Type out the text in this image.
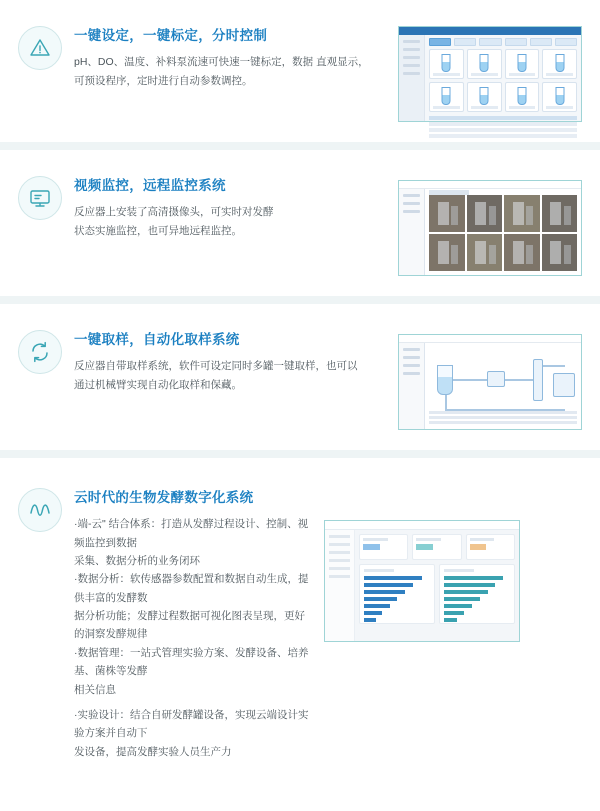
一键设定，一键标定，分时控制

pH、DO、温度、补料泵流速可快速一键标定，数据 直观显示，

可预设程序，定时进行自动参数调控。

视频监控，远程监控系统

反应器上安装了高清摄像头，可实时对发酵

状态实施监控，也可异地远程监控。

一键取样，自动化取样系统

反应器自带取样系统，软件可设定同时多罐一键取样，也可以

通过机械臂实现自动化取样和保藏。

云时代的生物发酵数字化系统

·端-云" 结合体系：打造从发酵过程设计、控制、视频监控到数据

采集、数据分析的业务闭环

·数据分析：软传感器参数配置和数据自动生成，提供丰富的发酵数

据分析功能；发酵过程数据可视化图表呈现，更好的洞察发酵规律

·数据管理：一站式管理实验方案、发酵设备、培养基、菌株等发酵

相关信息

·实验设计：结合自研发酵罐设备，实现云端设计实验方案并自动下

发设备，提高发酵实验人员生产力
